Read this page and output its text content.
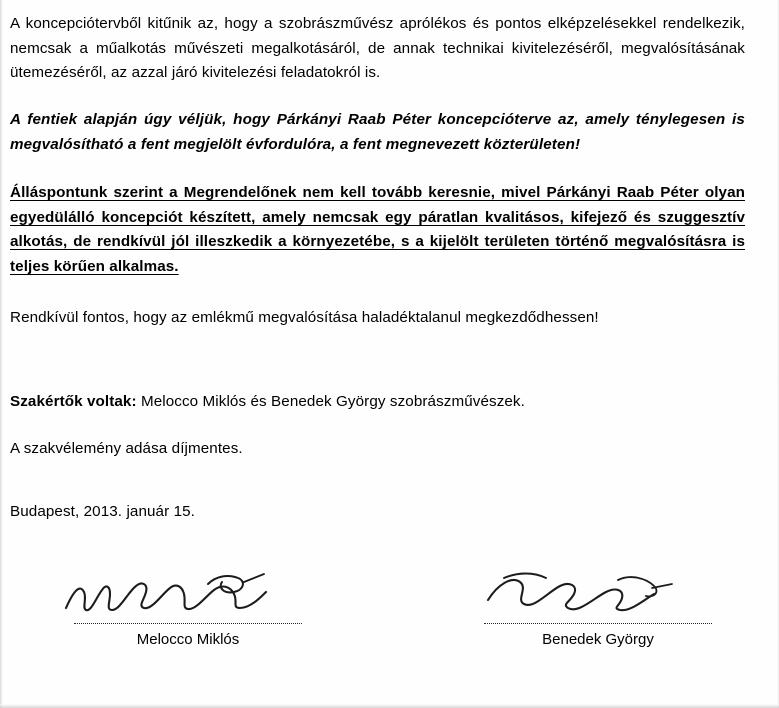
A koncepciótervből kitűnik az, hogy a szobrászművész aprólékos és pontos elképzelésekkel rendelkezik, nemcsak a műalkotás művészeti megalkotásáról, de annak technikai kivitelezéséről, megvalósításának ütemezéséről, az azzal járó kivitelezési feladatokról is.

A fentiek alapján úgy véljük, hogy Párkányi Raab Péter koncepcióterve az, amely ténylegesen is megvalósítható a fent megjelölt évfordulóra, a fent megnevezett közterületen!

Álláspontunk szerint a Megrendelőnek nem kell tovább keresnie, mivel Párkányi Raab Péter olyan egyedülálló koncepciót készített, amely nemcsak egy páratlan kvalitásos, kifejező és szuggesztív alkotás, de rendkívül jól illeszkedik a környezetébe, s a kijelölt területen történő megvalósításra is teljes körűen alkalmas.

Rendkívül fontos, hogy az emlékmű megvalósítása haladéktalanul megkezdődhessen!

Szakértők voltak: Melocco Miklós és Benedek György szobrászművészek.

A szakvélemény adása díjmentes.

Budapest, 2013. január 15.

Melocco Miklós	Benedek György
